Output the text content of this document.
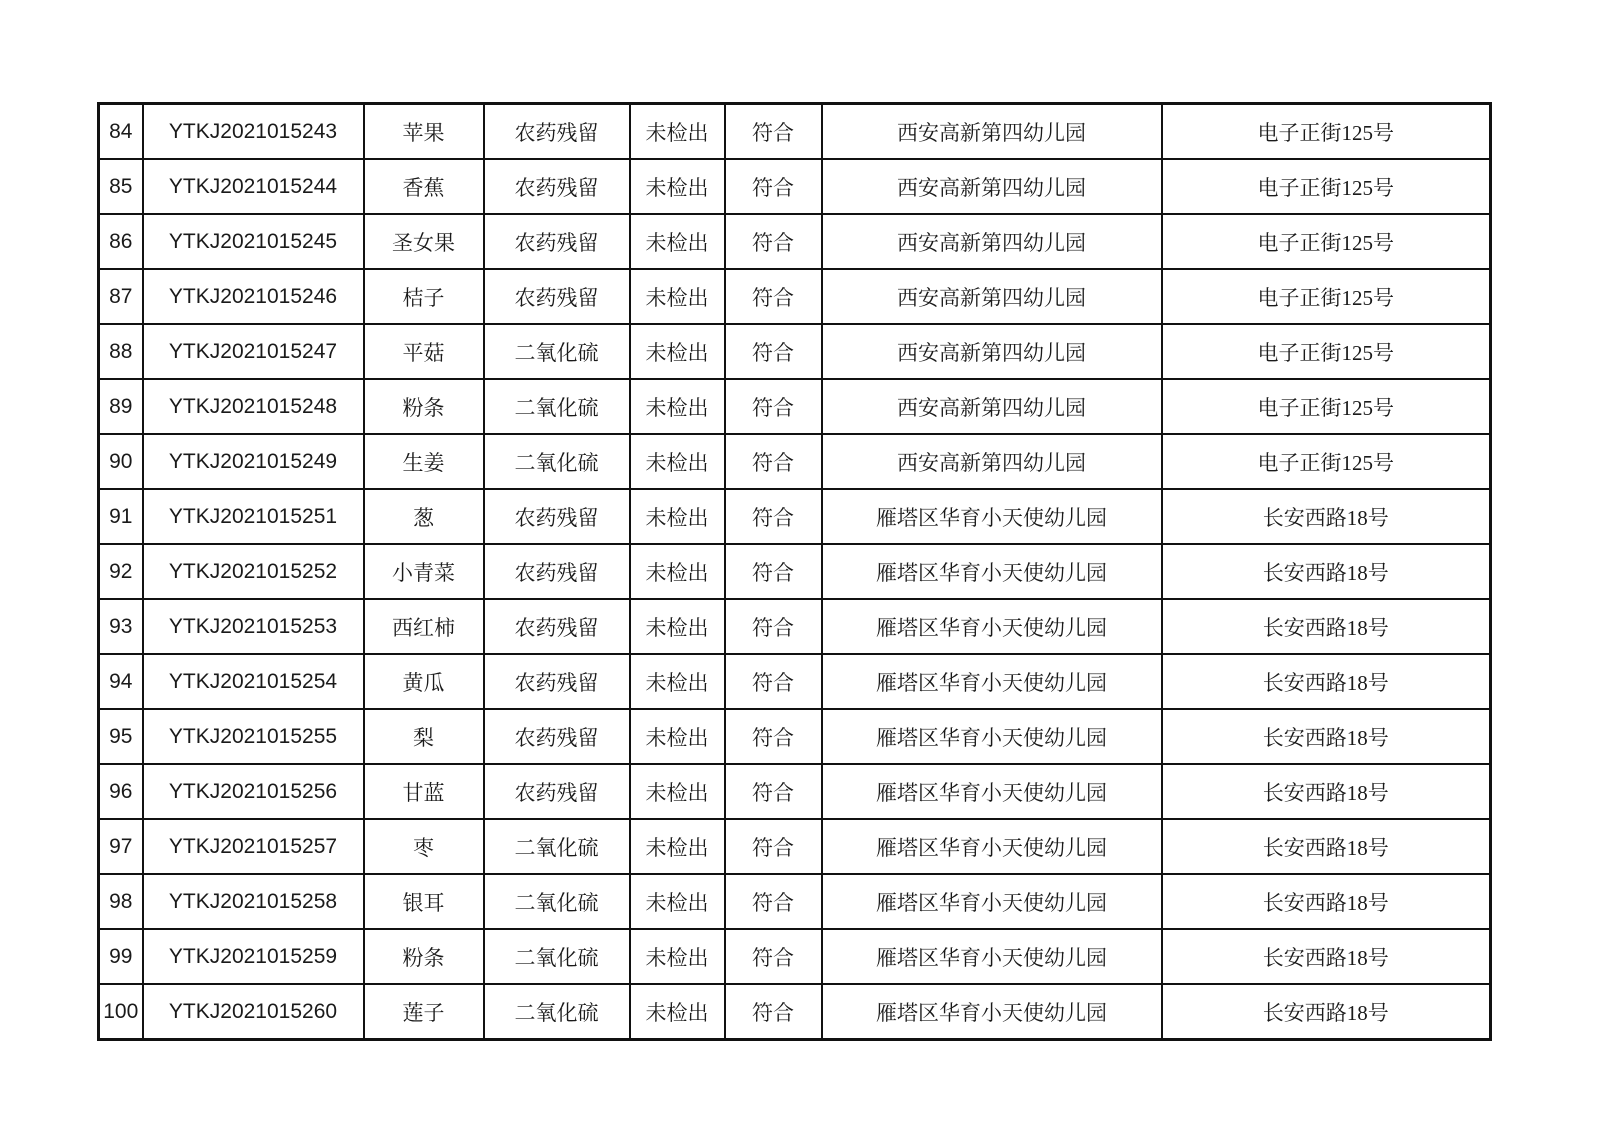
84	YTKJ2021015243	苹果	农药残留	未检出	符合	西安高新第四幼儿园	电子正街125号
85	YTKJ2021015244	香蕉	农药残留	未检出	符合	西安高新第四幼儿园	电子正街125号
86	YTKJ2021015245	圣女果	农药残留	未检出	符合	西安高新第四幼儿园	电子正街125号
87	YTKJ2021015246	桔子	农药残留	未检出	符合	西安高新第四幼儿园	电子正街125号
88	YTKJ2021015247	平菇	二氧化硫	未检出	符合	西安高新第四幼儿园	电子正街125号
89	YTKJ2021015248	粉条	二氧化硫	未检出	符合	西安高新第四幼儿园	电子正街125号
90	YTKJ2021015249	生姜	二氧化硫	未检出	符合	西安高新第四幼儿园	电子正街125号
91	YTKJ2021015251	葱	农药残留	未检出	符合	雁塔区华育小天使幼儿园	长安西路18号
92	YTKJ2021015252	小青菜	农药残留	未检出	符合	雁塔区华育小天使幼儿园	长安西路18号
93	YTKJ2021015253	西红柿	农药残留	未检出	符合	雁塔区华育小天使幼儿园	长安西路18号
94	YTKJ2021015254	黄瓜	农药残留	未检出	符合	雁塔区华育小天使幼儿园	长安西路18号
95	YTKJ2021015255	梨	农药残留	未检出	符合	雁塔区华育小天使幼儿园	长安西路18号
96	YTKJ2021015256	甘蓝	农药残留	未检出	符合	雁塔区华育小天使幼儿园	长安西路18号
97	YTKJ2021015257	枣	二氧化硫	未检出	符合	雁塔区华育小天使幼儿园	长安西路18号
98	YTKJ2021015258	银耳	二氧化硫	未检出	符合	雁塔区华育小天使幼儿园	长安西路18号
99	YTKJ2021015259	粉条	二氧化硫	未检出	符合	雁塔区华育小天使幼儿园	长安西路18号
100	YTKJ2021015260	莲子	二氧化硫	未检出	符合	雁塔区华育小天使幼儿园	长安西路18号
